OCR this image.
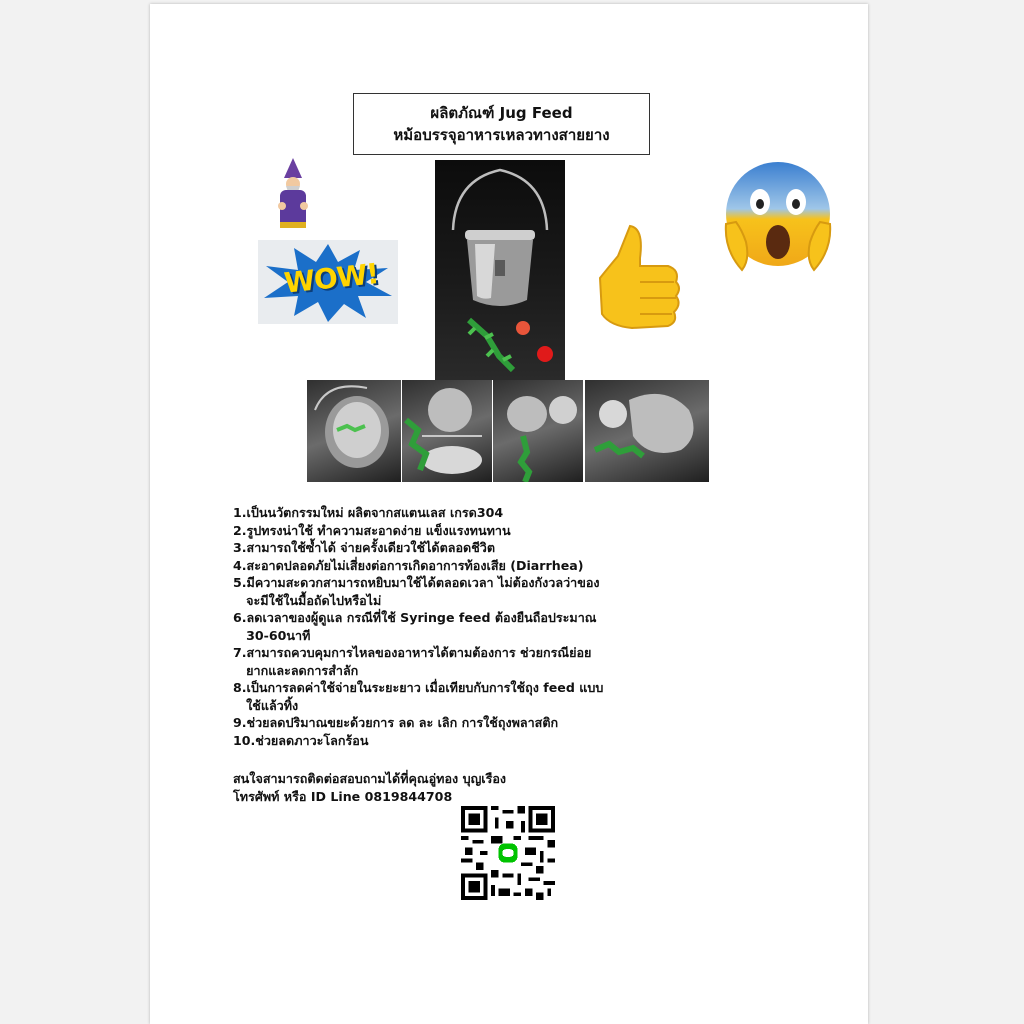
ผลิตภัณฑ์ Jug Feed
หม้อบรรจุอาหารเหลวทางสายยาง
WOW!
1.เป็นนวัตกรรมใหม่ ผลิตจากสแตนเลส เกรด304
2.รูปทรงน่าใช้ ทำความสะอาดง่าย แข็งแรงทนทาน
3.สามารถใช้ซ้ำได้ จ่ายครั้งเดียวใช้ได้ตลอดชีวิต
4.สะอาดปลอดภัยไม่เสี่ยงต่อการเกิดอาการท้องเสีย (Diarrhea)
5.มีความสะดวกสามารถหยิบมาใช้ได้ตลอดเวลา ไม่ต้องกังวลว่าของ
จะมีใช้ในมื้อถัดไปหรือไม่
6.ลดเวลาของผู้ดูแล กรณีที่ใช้ Syringe feed ต้องยืนถือประมาณ
30-60นาที
7.สามารถควบคุมการไหลของอาหารได้ตามต้องการ ช่วยกรณีย่อย
ยากและลดการสำลัก
8.เป็นการลดค่าใช้จ่ายในระยะยาว เมื่อเทียบกับการใช้ถุง feed แบบ
ใช้แล้วทิ้ง
9.ช่วยลดปริมาณขยะด้วยการ ลด ละ เลิก การใช้ถุงพลาสติก
10.ช่วยลดภาวะโลกร้อน
สนใจสามารถติดต่อสอบถามได้ที่คุณอู่ทอง บุญเรือง
โทรศัพท์ หรือ ID Line 0819844708
